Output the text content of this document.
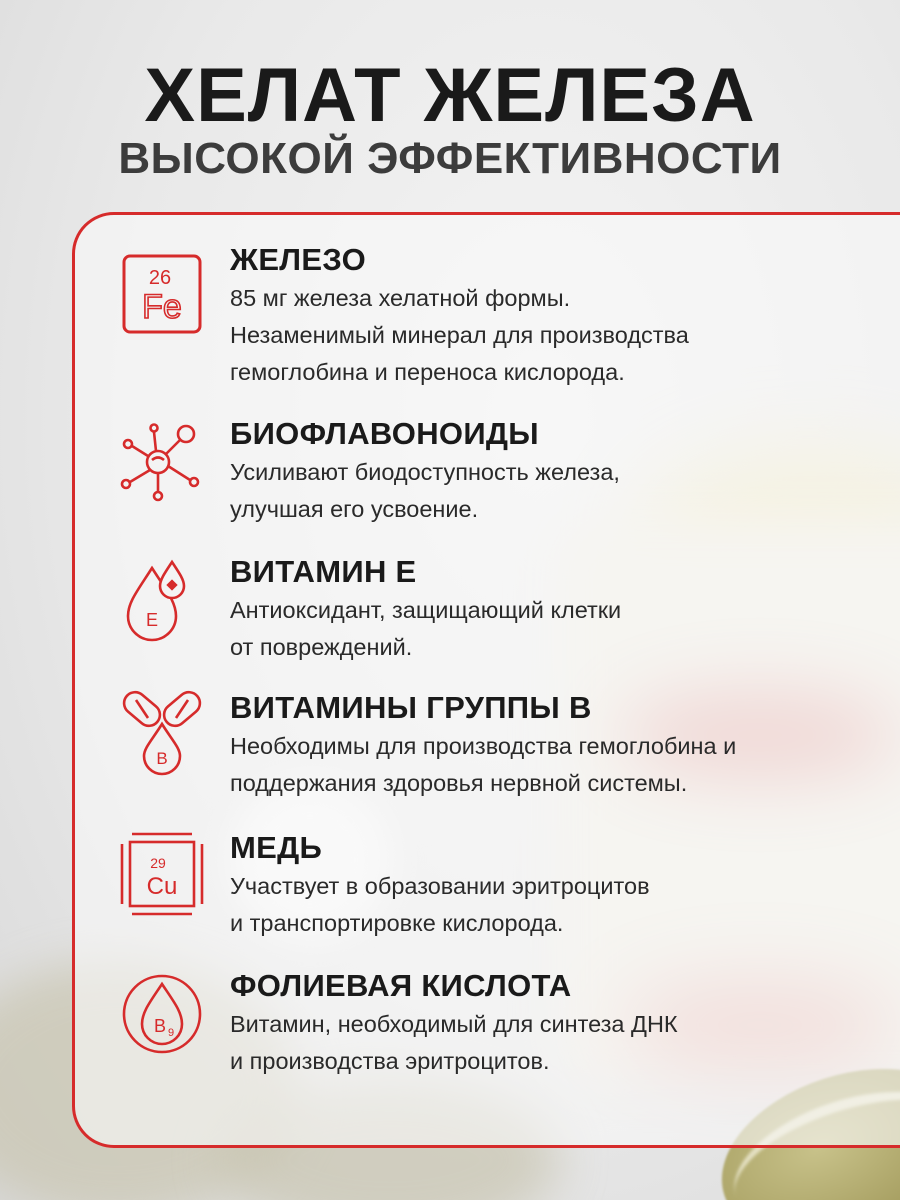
ХЕЛАТ ЖЕЛЕЗА
ВЫСОКОЙ ЭФФЕКТИВНОСТИ
26
Fe
ЖЕЛЕЗО
85 мг железа хелатной формы.
Незаменимый минерал для производства
гемоглобина и переноса кислорода.
БИОФЛАВОНОИДЫ
Усиливают биодоступность железа,
улучшая его усвоение.
E
ВИТАМИН Е
Антиоксидант, защищающий клетки
от повреждений.
B
ВИТАМИНЫ ГРУППЫ В
Необходимы для производства гемоглобина и
поддержания здоровья нервной системы.
29
Cu
МЕДЬ
Участвует в образовании эритроцитов
и транспортировке кислорода.
B 9
ФОЛИЕВАЯ КИСЛОТА
Витамин, необходимый для синтеза ДНК
и производства эритроцитов.
